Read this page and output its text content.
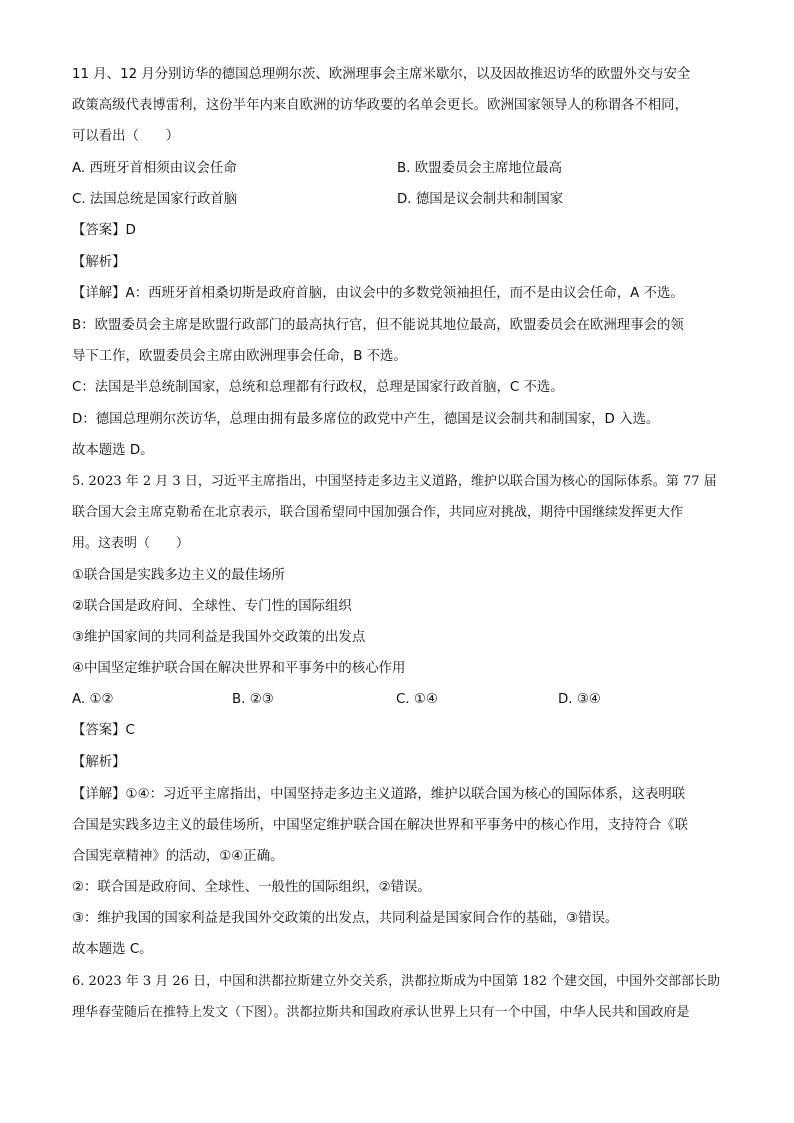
11 月、12 月分别访华的德国总理朔尔茨、欧洲理事会主席米歇尔，以及因故推迟访华的欧盟外交与安全
政策高级代表博雷利，这份半年内来自欧洲的访华政要的名单会更长。欧洲国家领导人的称谓各不相同，
可以看出（　　）
A. 西班牙首相须由议会任命	B. 欧盟委员会主席地位最高
C. 法国总统是国家行政首脑	D. 德国是议会制共和制国家
【答案】D
【解析】
【详解】A：西班牙首相桑切斯是政府首脑，由议会中的多数党领袖担任，而不是由议会任命，A 不选。
B：欧盟委员会主席是欧盟行政部门的最高执行官，但不能说其地位最高，欧盟委员会在欧洲理事会的领
导下工作，欧盟委员会主席由欧洲理事会任命，B 不选。
C：法国是半总统制国家，总统和总理都有行政权，总理是国家行政首脑，C 不选。
D：德国总理朔尔茨访华，总理由拥有最多席位的政党中产生，德国是议会制共和制国家，D 入选。
故本题选 D。
5. 2023 年 2 月 3 日，习近平主席指出，中国坚持走多边主义道路，维护以联合国为核心的国际体系。第 77 届
联合国大会主席克勒希在北京表示，联合国希望同中国加强合作，共同应对挑战，期待中国继续发挥更大作
用。这表明（　　）
①联合国是实践多边主义的最佳场所
②联合国是政府间、全球性、专门性的国际组织
③维护国家间的共同利益是我国外交政策的出发点
④中国坚定维护联合国在解决世界和平事务中的核心作用
A. ①②	B. ②③	C. ①④	D. ③④
【答案】C
【解析】
【详解】①④：习近平主席指出，中国坚持走多边主义道路，维护以联合国为核心的国际体系，这表明联
合国是实践多边主义的最佳场所，中国坚定维护联合国在解决世界和平事务中的核心作用，支持符合《联
合国宪章精神》的活动，①④正确。
②：联合国是政府间、全球性、一般性的国际组织，②错误。
③：维护我国的国家利益是我国外交政策的出发点，共同利益是国家间合作的基础，③错误。
故本题选 C。
6. 2023 年 3 月 26 日，中国和洪都拉斯建立外交关系，洪都拉斯成为中国第 182 个建交国，中国外交部部长助
理华春莹随后在推特上发文（下图）。洪都拉斯共和国政府承认世界上只有一个中国，中华人民共和国政府是
